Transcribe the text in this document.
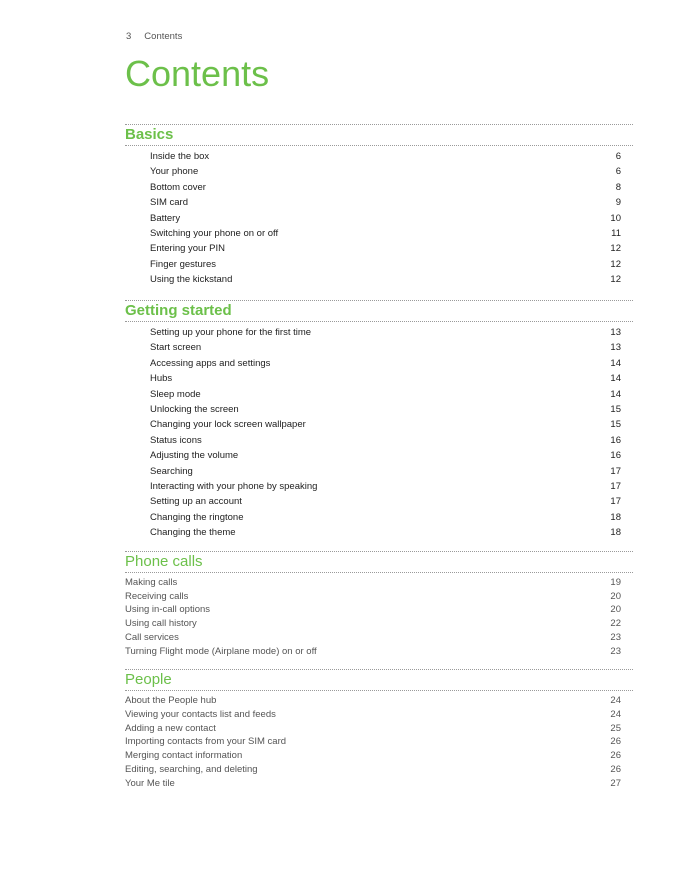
3 Contents
Contents
Basics
Inside the box	6
Your phone	6
Bottom cover	8
SIM card	9
Battery	10
Switching your phone on or off	11
Entering your PIN	12
Finger gestures	12
Using the kickstand	12
Getting started
Setting up your phone for the first time	13
Start screen	13
Accessing apps and settings	14
Hubs	14
Sleep mode	14
Unlocking the screen	15
Changing your lock screen wallpaper	15
Status icons	16
Adjusting the volume	16
Searching	17
Interacting with your phone by speaking	17
Setting up an account	17
Changing the ringtone	18
Changing the theme	18
Phone calls
Making calls	19
Receiving calls	20
Using in-call options	20
Using call history	22
Call services	23
Turning Flight mode (Airplane mode) on or off	23
People
About the People hub	24
Viewing your contacts list and feeds	24
Adding a new contact	25
Importing contacts from your SIM card	26
Merging contact information	26
Editing, searching, and deleting	26
Your Me tile	27
